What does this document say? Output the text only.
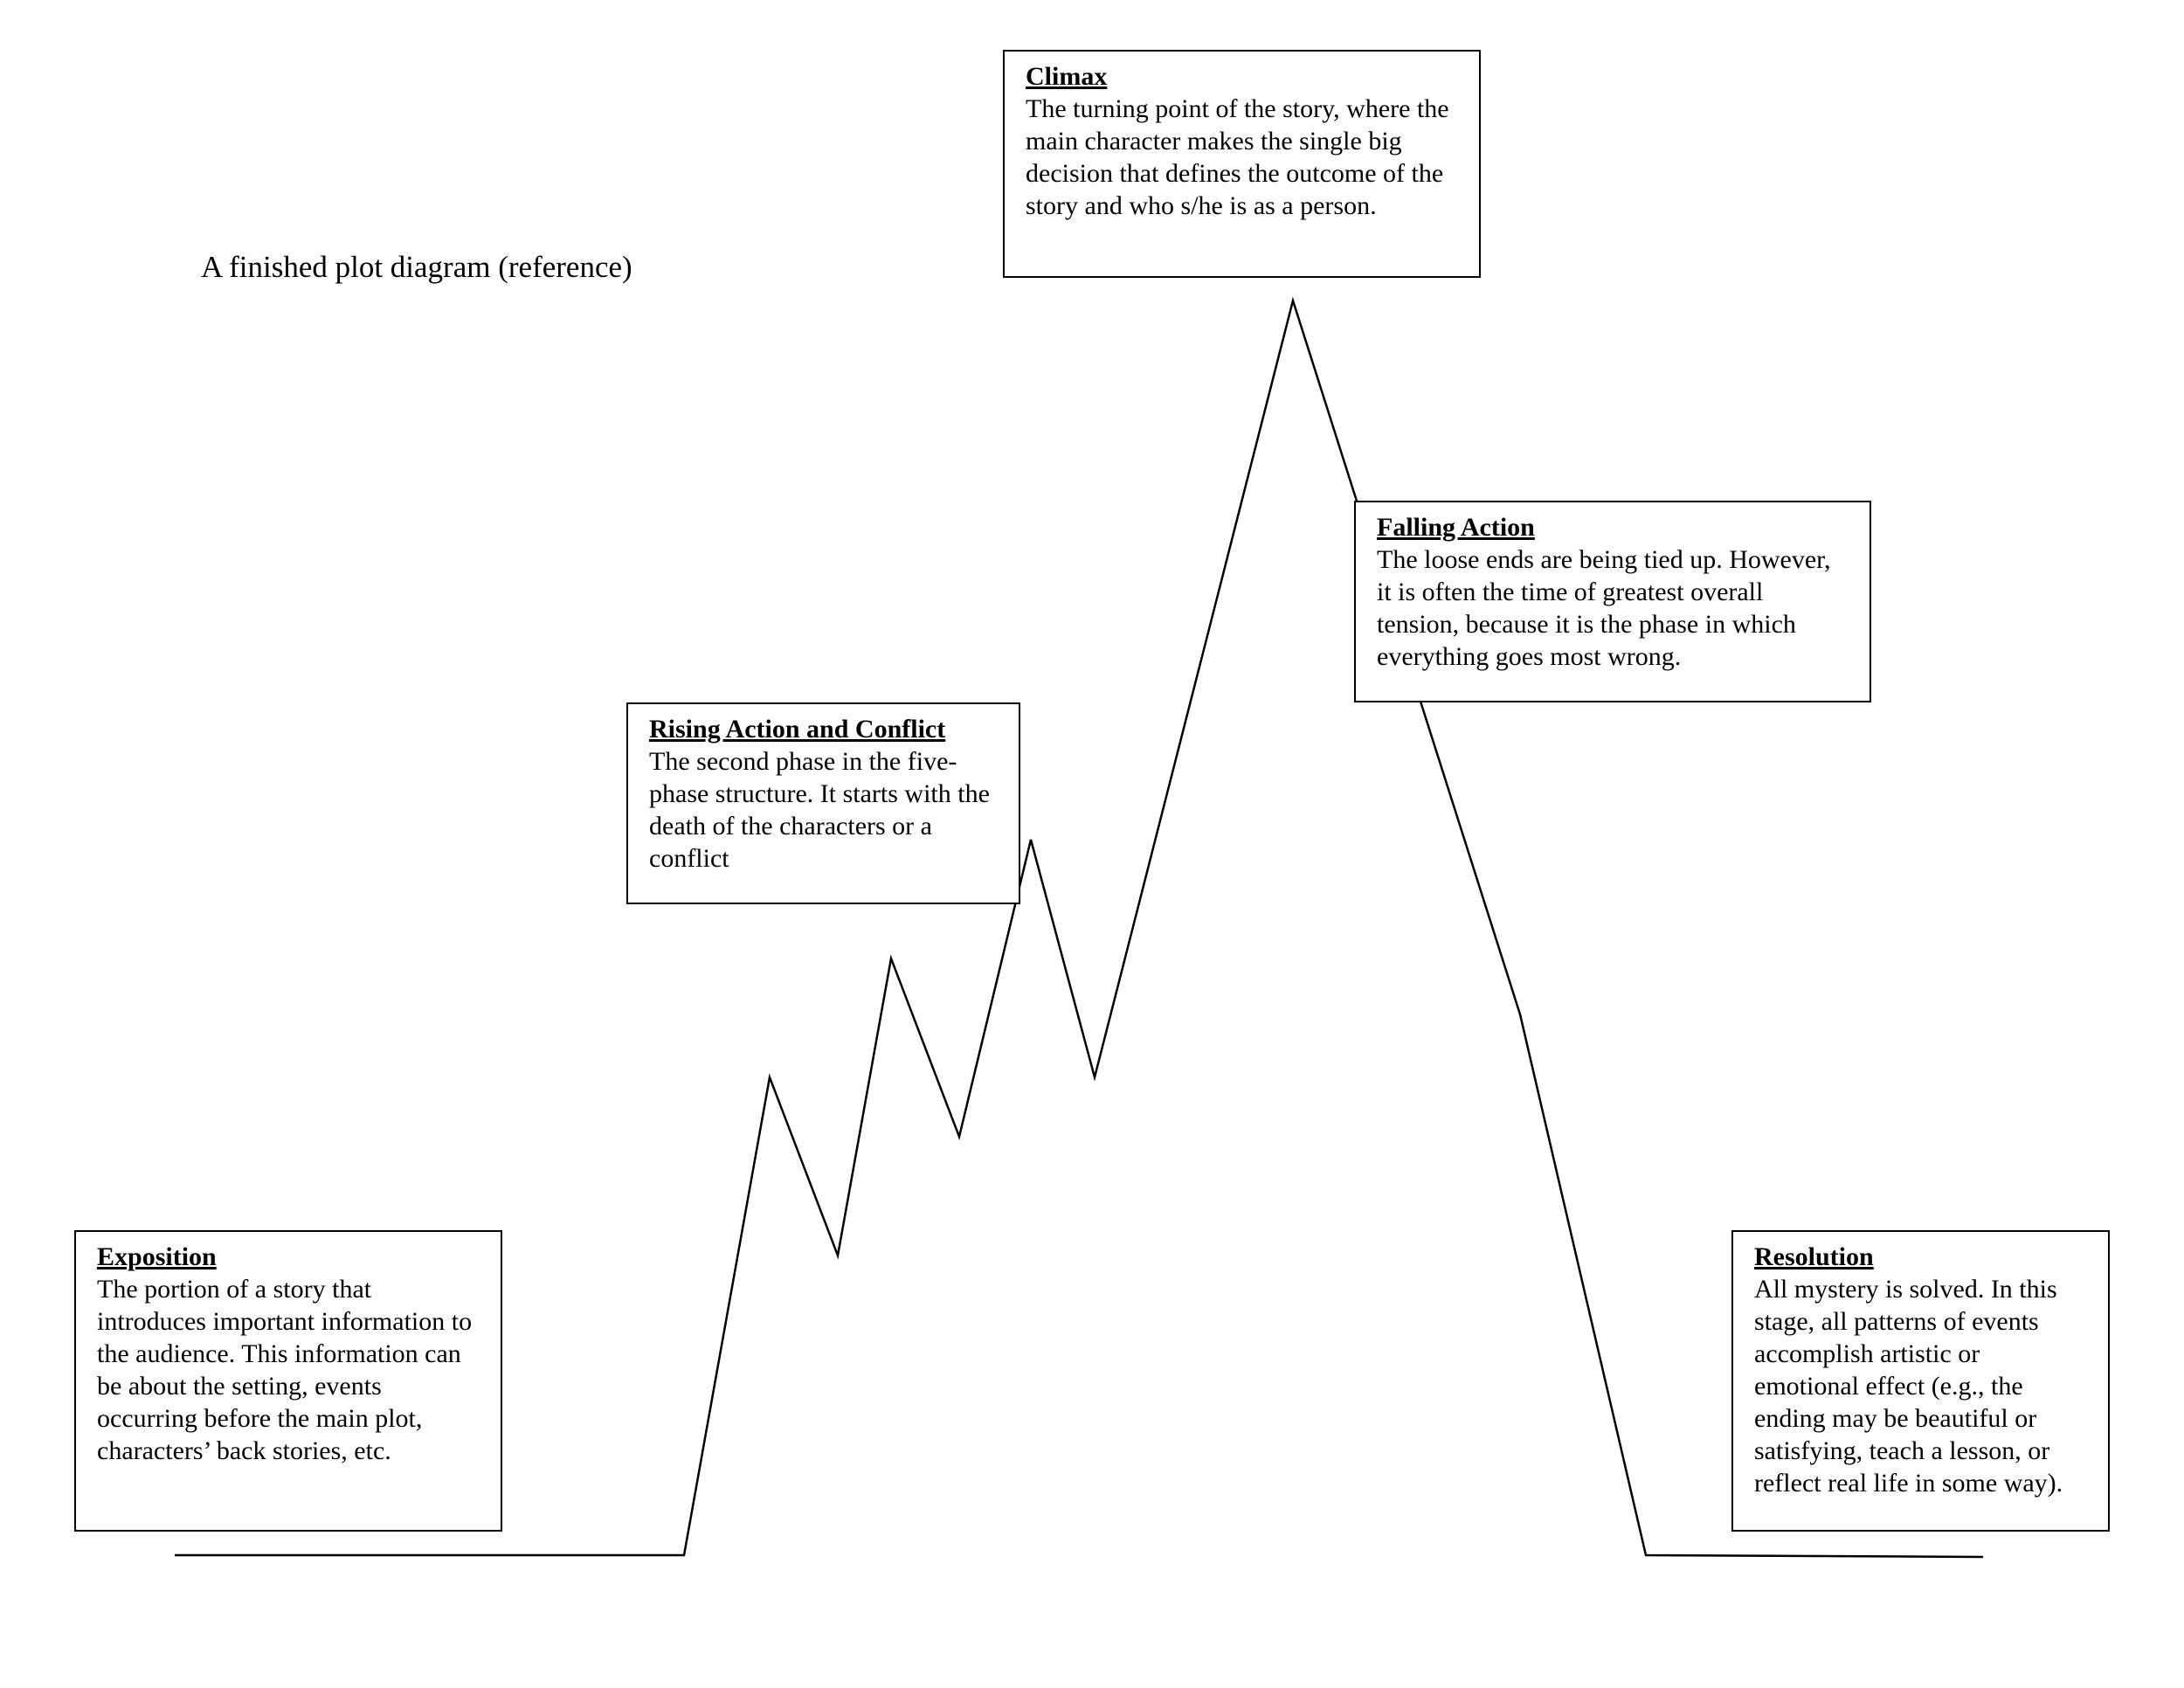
A finished plot diagram (reference)
Climax
The turning point of the story, where the main character makes the single big decision that defines the outcome of the story and who s/he is as a person.
Falling Action
The loose ends are being tied up. However, it is often the time of greatest overall tension, because it is the phase in which everything goes most wrong.
Rising Action and Conflict
The second phase in the five-phase structure. It starts with the death of the characters or a conflict
Exposition
The portion of a story that introduces important information to the audience. This information can be about the setting, events occurring before the main plot, characters’ back stories, etc.
Resolution
All mystery is solved. In this stage, all patterns of events accomplish artistic or emotional effect (e.g., the ending may be beautiful or satisfying, teach a lesson, or reflect real life in some way).
